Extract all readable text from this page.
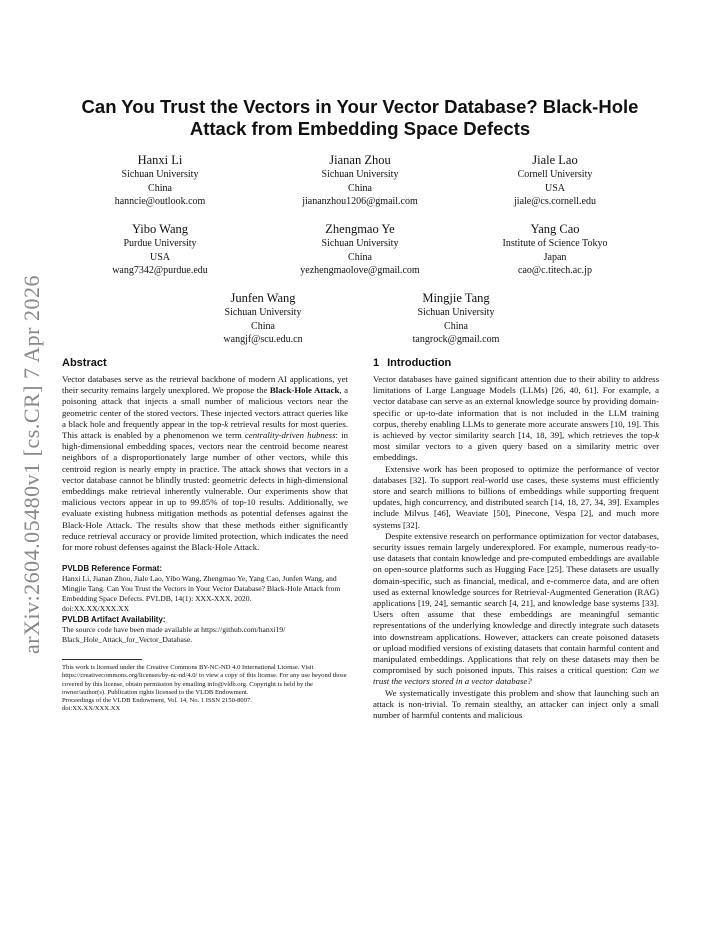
arXiv:2604.05480v1 [cs.CR] 7 Apr 2026
Can You Trust the Vectors in Your Vector Database? Black-Hole Attack from Embedding Space Defects
Hanxi Li
Sichuan University
China
hanncie@outlook.com
Jianan Zhou
Sichuan University
China
jiananzhou1206@gmail.com
Jiale Lao
Cornell University
USA
jiale@cs.cornell.edu
Yibo Wang
Purdue University
USA
wang7342@purdue.edu
Zhengmao Ye
Sichuan University
China
yezhengmaolove@gmail.com
Yang Cao
Institute of Science Tokyo
Japan
cao@c.titech.ac.jp
Junfen Wang
Sichuan University
China
wangjf@scu.edu.cn
Mingjie Tang
Sichuan University
China
tangrock@gmail.com
Abstract

Vector databases serve as the retrieval backbone of modern AI applications, yet their security remains largely unexplored. We propose the Black-Hole Attack, a poisoning attack that injects a small number of malicious vectors near the geometric center of the stored vectors. These injected vectors attract queries like a black hole and frequently appear in the top-k retrieval results for most queries. This attack is enabled by a phenomenon we term centrality-driven hubness: in high-dimensional embedding spaces, vectors near the centroid become nearest neighbors of a disproportionately large number of other vectors, while this centroid region is nearly empty in practice. The attack shows that vectors in a vector database cannot be blindly trusted: geometric defects in high-dimensional embeddings make retrieval inherently vulnerable. Our experiments show that malicious vectors appear in up to 99.85% of top-10 results. Additionally, we evaluate existing hubness mitigation methods as potential defenses against the Black-Hole Attack. The results show that these methods either significantly reduce retrieval accuracy or provide limited protection, which indicates the need for more robust defenses against the Black-Hole Attack.

PVLDB Reference Format:
Hanxi Li, Jianan Zhou, Jiale Lao, Yibo Wang, Zhengmao Ye, Yang Cao, Junfen Wang, and Mingjie Tang. Can You Trust the Vectors in Your Vector Database? Black-Hole Attack from Embedding Space Defects. PVLDB, 14(1): XXX-XXX, 2020.
doi:XX.XX/XXX.XX
PVLDB Artifact Availability:
The source code have been made available at https://github.com/hanxi19/ Black_Hole_Attack_for_Vector_Database.
This work is licensed under the Creative Commons BY-NC-ND 4.0 International License. Visit https://creativecommons.org/licenses/by-nc-nd/4.0/ to view a copy of this license. For any use beyond those covered by this license, obtain permission by emailing info@vldb.org. Copyright is held by the owner/author(s). Publication rights licensed to the VLDB Endowment.
Proceedings of the VLDB Endowment, Vol. 14, No. 1 ISSN 2150-8097.
doi:XX.XX/XXX.XX
1 Introduction

Vector databases have gained significant attention due to their ability to address limitations of Large Language Models (LLMs) [26, 40, 61]. For example, a vector database can serve as an external knowledge source by providing domain-specific or up-to-date information that is not included in the LLM training corpus, thereby enabling LLMs to generate more accurate answers [10, 19]. This is achieved by vector similarity search [14, 18, 39], which retrieves the top-k most similar vectors to a given query based on a similarity metric over embeddings.

Extensive work has been proposed to optimize the performance of vector databases [32]. To support real-world use cases, these systems must efficiently store and search millions to billions of embeddings while supporting frequent updates, high concurrency, and distributed search [14, 18, 27, 34, 39]. Examples include Milvus [46], Weaviate [50], Pinecone, Vespa [2], and much more systems [32].

Despite extensive research on performance optimization for vector databases, security issues remain largely underexplored. For example, numerous ready-to-use datasets that contain knowledge and pre-computed embeddings are available on open-source platforms such as Hugging Face [25]. These datasets are usually domain-specific, such as financial, medical, and e-commerce data, and are often used as external knowledge sources for Retrieval-Augmented Generation (RAG) applications [19, 24], semantic search [4, 21], and knowledge base systems [33]. Users often assume that these embeddings are meaningful semantic representations of the underlying knowledge and directly integrate such datasets into downstream applications. However, attackers can create poisoned datasets or upload modified versions of existing datasets that contain harmful content and manipulated embeddings. Applications that rely on these datasets may then be compromised by such poisoned inputs. This raises a critical question: Can we trust the vectors stored in a vector database?

We systematically investigate this problem and show that launching such an attack is non-trivial. To remain stealthy, an attacker can inject only a small number of harmful contents and malicious
